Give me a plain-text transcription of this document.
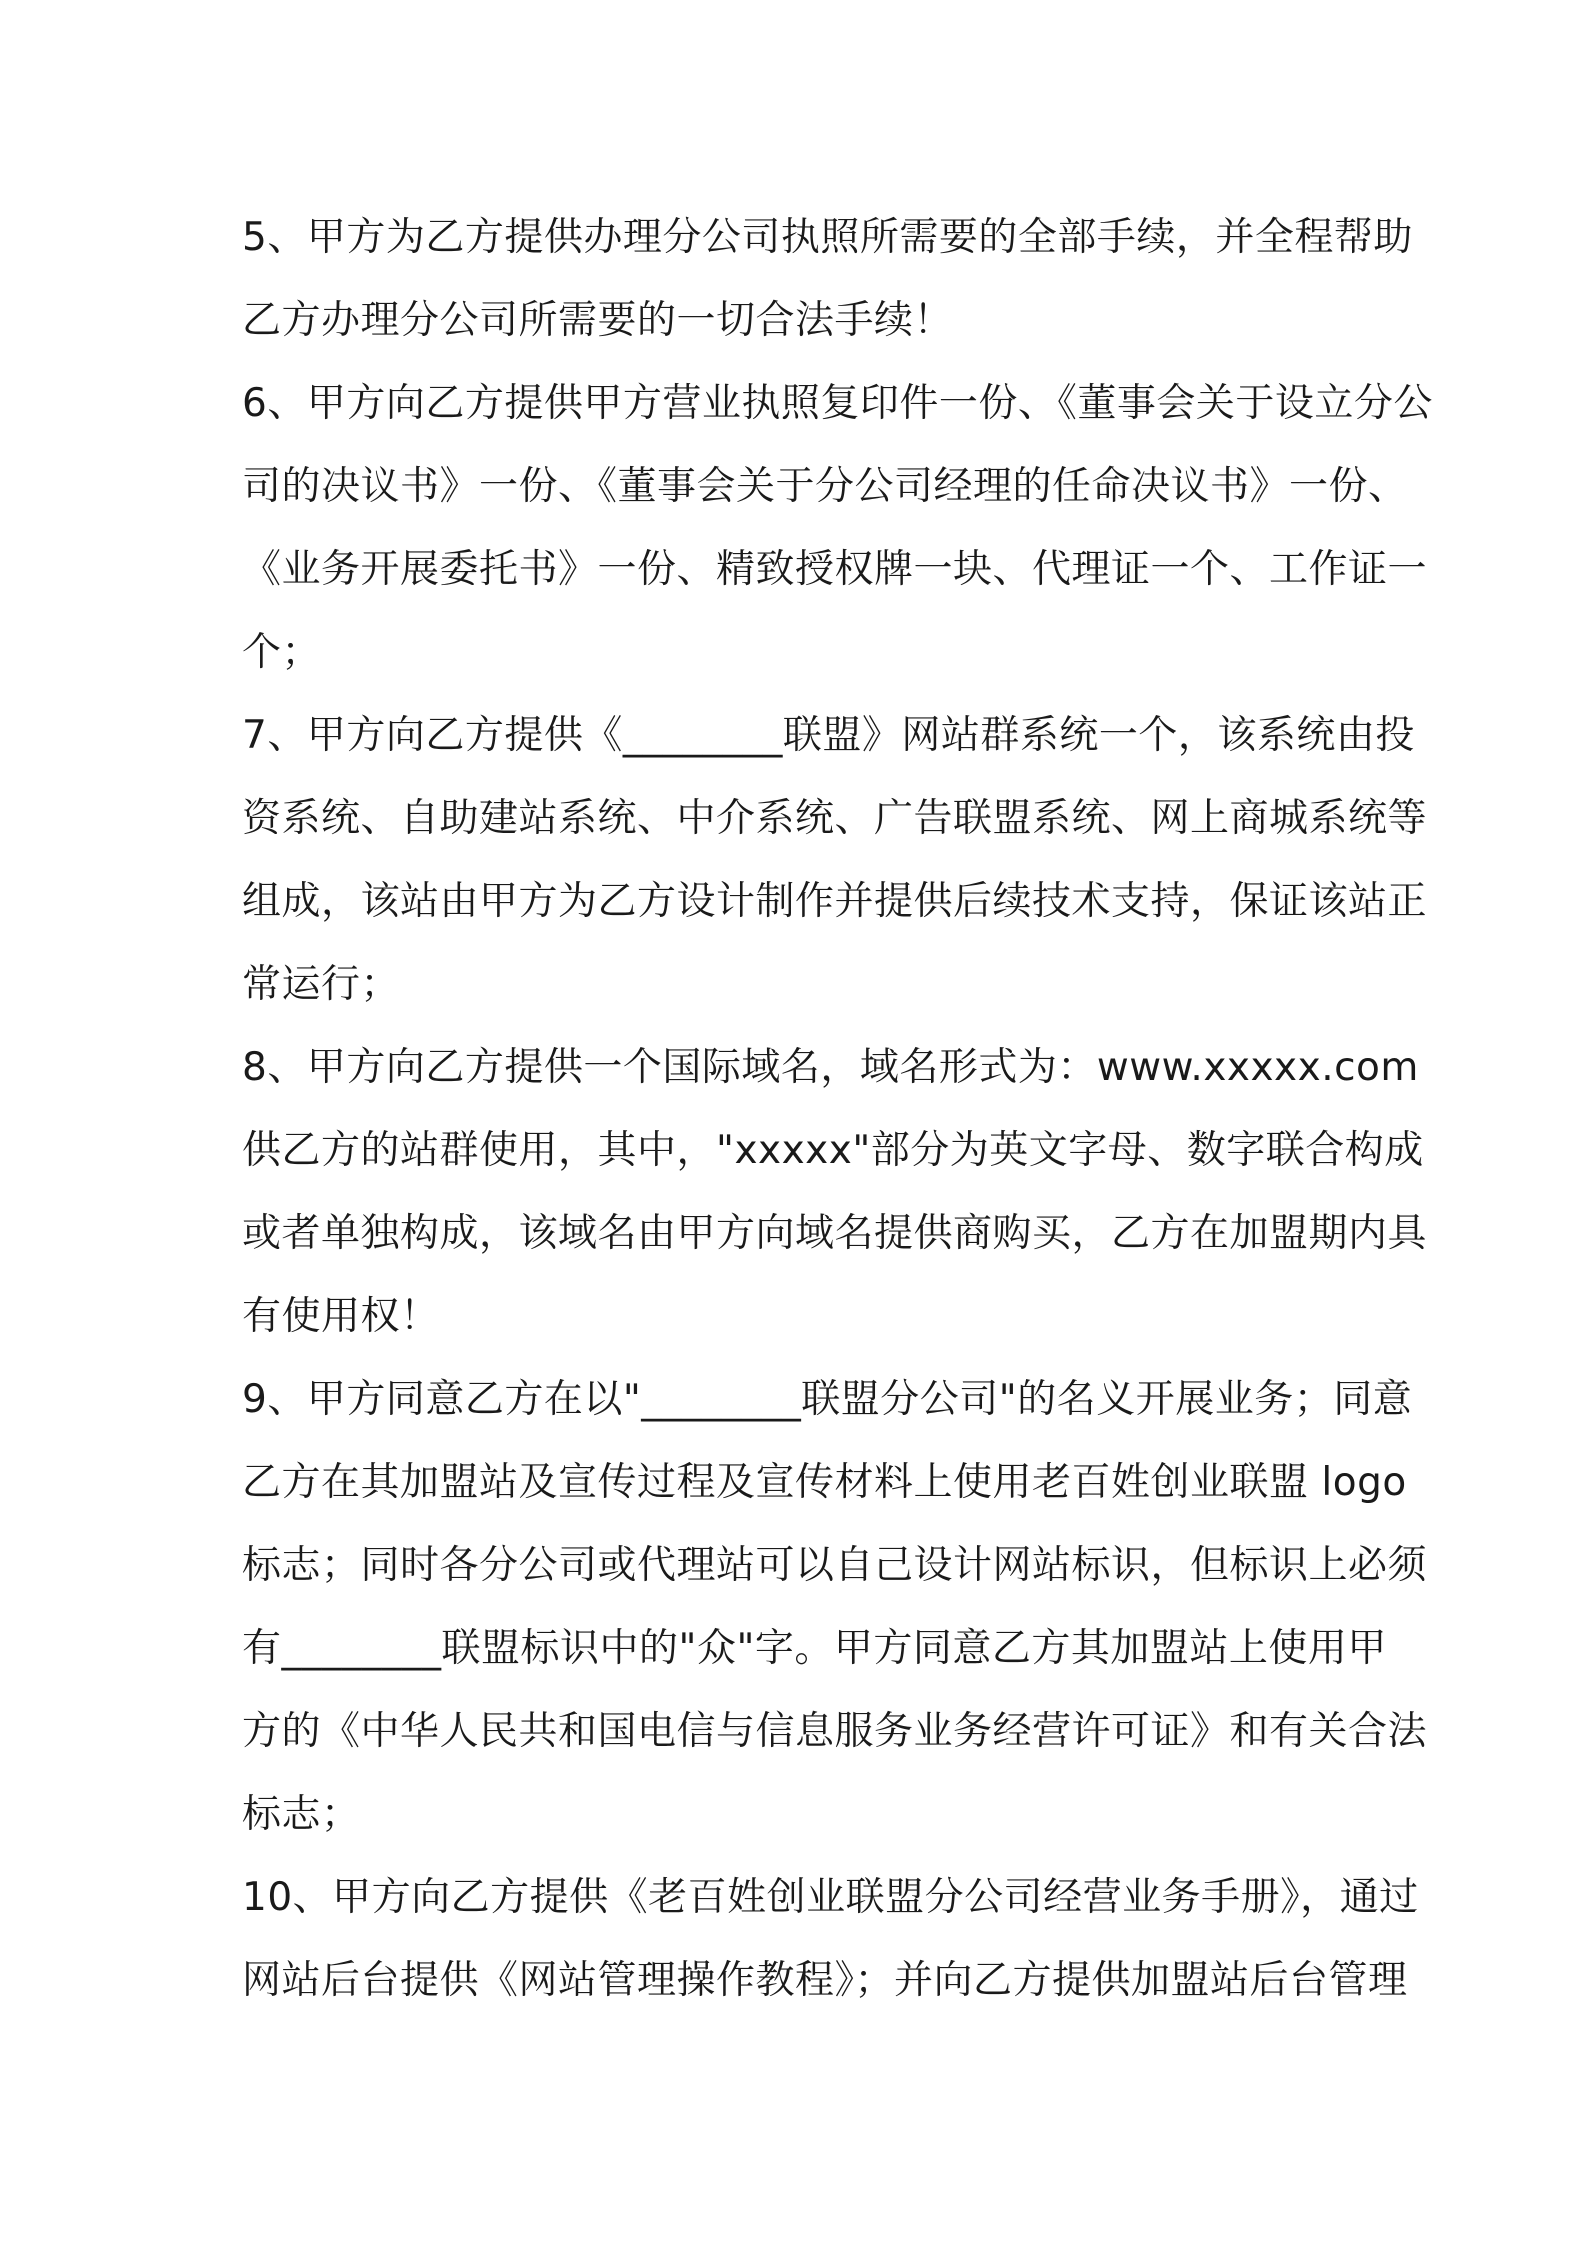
5、甲方为乙方提供办理分公司执照所需要的全部手续，并全程帮助
乙方办理分公司所需要的一切合法手续！
6、甲方向乙方提供甲方营业执照复印件一份、《董事会关于设立分公
司的决议书》一份、《董事会关于分公司经理的任命决议书》一份、
《业务开展委托书》一份、精致授权牌一块、代理证一个、工作证一
个；
7、甲方向乙方提供《________联盟》网站群系统一个，该系统由投
资系统、自助建站系统、中介系统、广告联盟系统、网上商城系统等
组成，该站由甲方为乙方设计制作并提供后续技术支持，保证该站正
常运行；
8、甲方向乙方提供一个国际域名，域名形式为：www.xxxxx.com
供乙方的站群使用，其中，"xxxxx"部分为英文字母、数字联合构成
或者单独构成，该域名由甲方向域名提供商购买，乙方在加盟期内具
有使用权！
9、甲方同意乙方在以"________联盟分公司"的名义开展业务；同意
乙方在其加盟站及宣传过程及宣传材料上使用老百姓创业联盟 logo
标志；同时各分公司或代理站可以自己设计网站标识，但标识上必须
有________联盟标识中的"众"字。甲方同意乙方其加盟站上使用甲
方的《中华人民共和国电信与信息服务业务经营许可证》和有关合法
标志；
10、甲方向乙方提供《老百姓创业联盟分公司经营业务手册》，通过
网站后台提供《网站管理操作教程》；并向乙方提供加盟站后台管理
